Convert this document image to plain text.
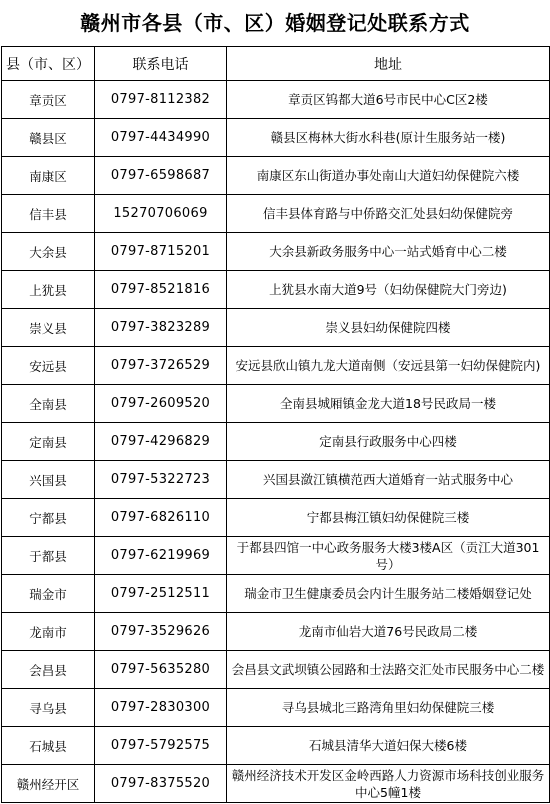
赣州市各县（市、区）婚姻登记处联系方式
县（市、区）	联系电话	地址
章贡区	0797-8112382	章贡区钨都大道6号市民中心C区2楼
赣县区	0797-4434990	赣县区梅林大街水科巷(原计生服务站一楼)
南康区	0797-6598687	南康区东山街道办事处南山大道妇幼保健院六楼
信丰县	15270706069	信丰县体育路与中侨路交汇处县妇幼保健院旁
大余县	0797-8715201	大余县新政务服务中心一站式婚育中心二楼
上犹县	0797-8521816	上犹县水南大道9号（妇幼保健院大门旁边)
崇义县	0797-3823289	崇义县妇幼保健院四楼
安远县	0797-3726529	安远县欣山镇九龙大道南侧（安远县第一妇幼保健院内)
全南县	0797-2609520	全南县城厢镇金龙大道18号民政局一楼
定南县	0797-4296829	定南县行政服务中心四楼
兴国县	0797-5322723	兴国县潋江镇横范西大道婚育一站式服务中心
宁都县	0797-6826110	宁都县梅江镇妇幼保健院三楼
于都县	0797-6219969	于都县四馆一中心政务服务大楼3楼A区（贡江大道301号）
瑞金市	0797-2512511	瑞金市卫生健康委员会内计生服务站二楼婚姻登记处
龙南市	0797-3529626	龙南市仙岩大道76号民政局二楼
会昌县	0797-5635280	会昌县文武坝镇公园路和士法路交汇处市民服务中心二楼
寻乌县	0797-2830300	寻乌县城北三路湾角里妇幼保健院三楼
石城县	0797-5792575	石城县清华大道妇保大楼6楼
赣州经开区	0797-8375520	赣州经济技术开发区金岭西路人力资源市场科技创业服务中心5幢1楼
